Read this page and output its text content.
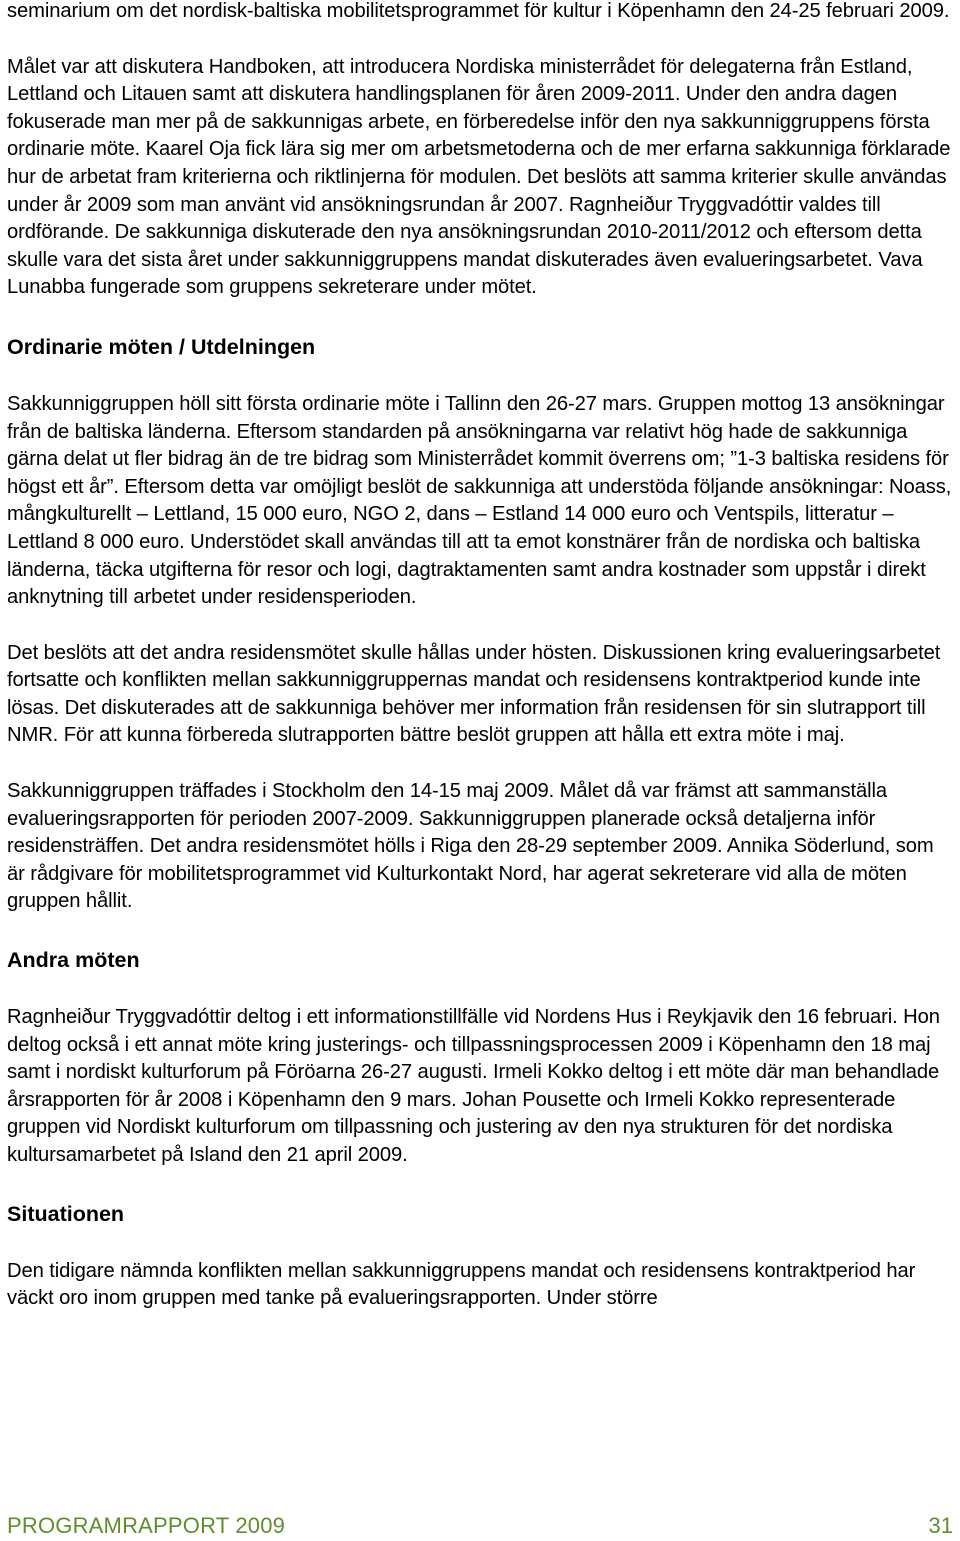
seminarium om det nordisk-baltiska mobilitetsprogrammet för kultur i Köpenhamn den 24-25 februari 2009.

Målet var att diskutera Handboken, att introducera Nordiska ministerrådet för delegaterna från Estland, Lettland och Litauen samt att diskutera handlingsplanen för åren 2009-2011. Under den andra dagen fokuserade man mer på de sakkunnigas arbete, en förberedelse inför den nya sakkunniggruppens första ordinarie möte. Kaarel Oja fick lära sig mer om arbetsmetoderna och de mer erfarna sakkunniga förklarade hur de arbetat fram kriterierna och riktlinjerna för modulen. Det beslöts att samma kriterier skulle användas under år 2009 som man använt vid ansökningsrundan år 2007. Ragnheiður Tryggvadóttir valdes till ordförande. De sakkunniga diskuterade den nya ansökningsrundan 2010-2011/2012 och eftersom detta skulle vara det sista året under sakkunniggruppens mandat diskuterades även evalueringsarbetet. Vava Lunabba fungerade som gruppens sekreterare under mötet.

Ordinarie möten / Utdelningen

Sakkunniggruppen höll sitt första ordinarie möte i Tallinn den 26-27 mars. Gruppen mottog 13 ansökningar från de baltiska länderna. Eftersom standarden på ansökningarna var relativt hög hade de sakkunniga gärna delat ut fler bidrag än de tre bidrag som Ministerrådet kommit överrens om; ”1-3 baltiska residens för högst ett år”. Eftersom detta var omöjligt beslöt de sakkunniga att understöda följande ansökningar: Noass, mångkulturellt – Lettland, 15 000 euro, NGO 2, dans – Estland 14 000 euro och Ventspils, litteratur – Lettland 8 000 euro. Understödet skall användas till att ta emot konstnärer från de nordiska och baltiska länderna, täcka utgifterna för resor och logi, dagtraktamenten samt andra kostnader som uppstår i direkt anknytning till arbetet under residensperioden.

Det beslöts att det andra residensmötet skulle hållas under hösten. Diskussionen kring evalueringsarbetet fortsatte och konflikten mellan sakkunniggruppernas mandat och residensens kontraktperiod kunde inte lösas. Det diskuterades att de sakkunniga behöver mer information från residensen för sin slutrapport till NMR. För att kunna förbereda slutrapporten bättre beslöt gruppen att hålla ett extra möte i maj.

Sakkunniggruppen träffades i Stockholm den 14-15 maj 2009. Målet då var främst att sammanställa evalueringsrapporten för perioden 2007-2009. Sakkunniggruppen planerade också detaljerna inför residensträffen. Det andra residensmötet hölls i Riga den 28-29 september 2009. Annika Söderlund, som är rådgivare för mobilitetsprogrammet vid Kulturkontakt Nord, har agerat sekreterare vid alla de möten gruppen hållit.

Andra möten

Ragnheiður Tryggvadóttir deltog i ett informationstillfälle vid Nordens Hus i Reykjavik den 16 februari. Hon deltog också i ett annat möte kring justerings- och tillpassningsprocessen 2009 i Köpenhamn den 18 maj samt i nordiskt kulturforum på Föröarna 26-27 augusti. Irmeli Kokko deltog i ett möte där man behandlade årsrapporten för år 2008 i Köpenhamn den 9 mars. Johan Pousette och Irmeli Kokko representerade gruppen vid Nordiskt kulturforum om tillpassning och justering av den nya strukturen för det nordiska kultursamarbetet på Island den 21 april 2009.

Situationen

Den tidigare nämnda konflikten mellan sakkunniggruppens mandat och residensens kontraktperiod har väckt oro inom gruppen med tanke på evalueringsrapporten. Under större

PROGRAMRAPPORT 2009	31
